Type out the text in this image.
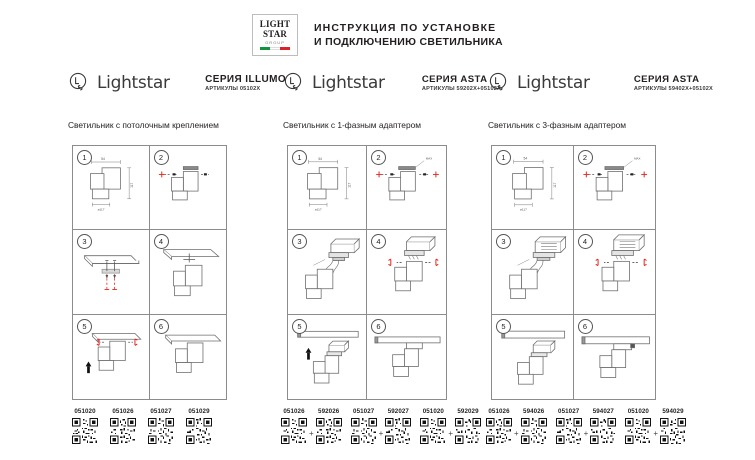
LIGHT
STAR
GROUP
ИНСТРУКЦИЯ ПО УСТАНОВКЕ
И ПОДКЛЮЧЕНИЮ СВЕТИЛЬНИКА
Lightstar	СЕРИЯ ILLUMO
АРТИКУЛЫ 05102X
Светильник с потолочным креплением
Lightstar	СЕРИЯ ASTA
АРТИКУЛЫ 59202X+05102X
Светильник с 1-фазным адаптером
Lightstar	СЕРИЯ ASTA
АРТИКУЛЫ 59402X+05102X
Светильник с 3-фазным адаптером
1	54
117
ø117
2
3	4
5	6
1	54
117
ø117
2	MAX
3	4
5	6
1	54
117
ø117
2	MAX
3	4
5	6
051020	051026	051027	051029	051026
+
592026 051027
+
592027 051020
+
592029 051026
+
594026 051027
+
594027 051020
+
594029
